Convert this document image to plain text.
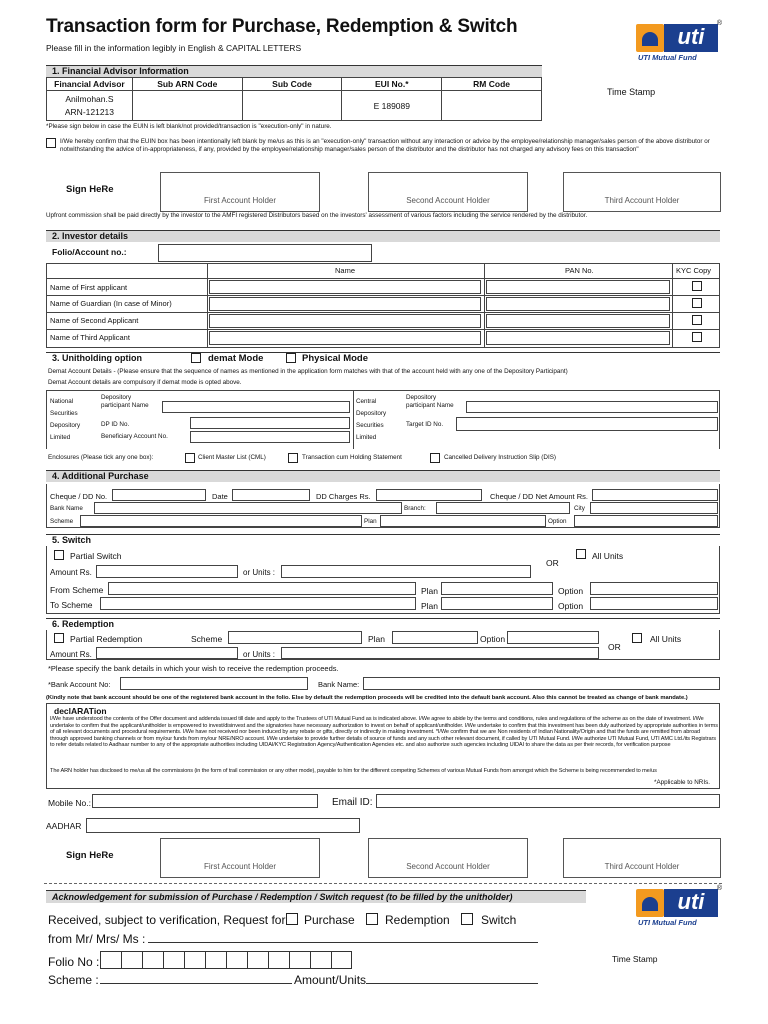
Transaction form for Purchase, Redemption & Switch
Please fill in the information legibly in English & CAPITAL LETTERS	uti
®
UTI Mutual Fund
Time Stamp
1. Financial Advisor Information
Financial Advisor	Sub ARN Code	Sub Code	EUI No.*	RM Code

Anilmohan.S
ARN-121213			E 189089	
*Please sign below in case the EUIN is left blank/not provided/transaction is "execution-only" in nature.
I/We hereby confirm that the EUIN box has been intentionally left blank by me/us as this is an "execution-only" transaction without any interaction or advice by the employee/relationship manager/sales person of the above distributor or notwithstanding the advice of in-appropriateness, if any, provided by the employee/relationship manager/sales person of the distributor and the distributor has not charged any advisory fees on this transaction"
Sign HeRe
First Account Holder	Second Account Holder	Third Account Holder
Upfront commission shall be paid directly by the investor to the AMFI registered Distributors based on the investors' assessment of various factors including the service rendered by the distributor.
2. Investor details
Folio/Account no.:
Name	PAN No.	KYC Copy
Name of First applicant
Name of Guardian (In case of Minor)
Name of Second Applicant
Name of Third Applicant
3. Unitholding option	demat Mode	Physical Mode
Demat Account Details - (Please ensure that the sequence of names as mentioned in the application form matches with that of the account held with any one of the Depository Participant)
Demat Account details are compulsory if demat mode is opted above.
National
Securities
Depository
Limited
Depository
participant Name
DP ID No.
Beneficiary Account No.
Central
Depository
Securities
Limited
Depository
participant Name
Target ID No.
Enclosures (Please tick any one box):	Client Master List (CML)	Transaction cum Holding Statement	Cancelled Delivery Instruction Slip (DIS)
4. Additional Purchase
Cheque / DD No.	Date	DD Charges Rs.	Cheque / DD Net Amount Rs.
Bank Name	Branch:	City
Scheme	Plan	Option
5. Switch
Partial Switch
OR
All Units
Amount Rs.	or Units :
From Scheme	Plan	Option
To Scheme	Plan	Option
6. Redemption
Partial Redemption	Scheme	Plan	Option
OR
All Units
Amount Rs.	or Units :
*Please specify the bank details in which your wish to receive the redemption proceeds.
*Bank Account No:	Bank Name:
(Kindly note that bank account should be one of the registered bank account in the folio. Else by default the redemption proceeds will be credited into the default bank account. Also this cannot be treated as change of bank mandate.)
declARATion
I/We have understood the contents of the Offer document and addenda issued till date and apply to the Trustees of UTI Mutual Fund as is indicated above. I/We agree to abide by the terms and conditions, rules and regulations of the scheme as on the date of investment. I/We undertake to confirm that the applicant/unitholder is empowered to invest/disinvest and the signatories have necessary authorization to invest on behalf of applicant/unitholder. I/We undertake to confirm that this investment has been duly authorized by appropriate authorities in terms of all relevant documents and procedural requirements. I/We have not received nor been induced by any rebate or gifts, directly or indirectly in making investment. *I/We confirm that we are Non residents of Indian Nationality/Origin and that the funds are remitted from abroad through approved banking channels or from my/our funds from my/our NRE/NRO account. I/We undertake to provide further details of source of funds and any such other relevant document, if called by UTI Mutual Fund. I/We authorize UTI Mutual Fund, UTI AMC Ltd./its Registrars to refer details related to Aadhaar number to any of the appropriate authorities including UIDAI/KYC Registration Agency/Authentication Agencies etc. and also authorize such agencies including UIDAI to share the data as per their records, for verification purpose
The ARN holder has disclosed to me/us all the commissions (in the form of trail commission or any other mode), payable to him for the different competing Schemes of various Mutual Funds from amongst which the Scheme is being recommended to me/us
*Applicable to NRIs.
Mobile No.:	Email ID:
AADHAR
Sign HeRe
First Account Holder	Second Account Holder	Third Account Holder
Acknowledgement for submission of Purchase / Redemption / Switch request (to be filled by the unitholder)	uti
®
UTI Mutual Fund
Received, subject to verification, Request for Purchase	Redemption	Switch
from Mr/ Mrs/ Ms :
Folio No :
Scheme :	Amount/Units
Time Stamp
